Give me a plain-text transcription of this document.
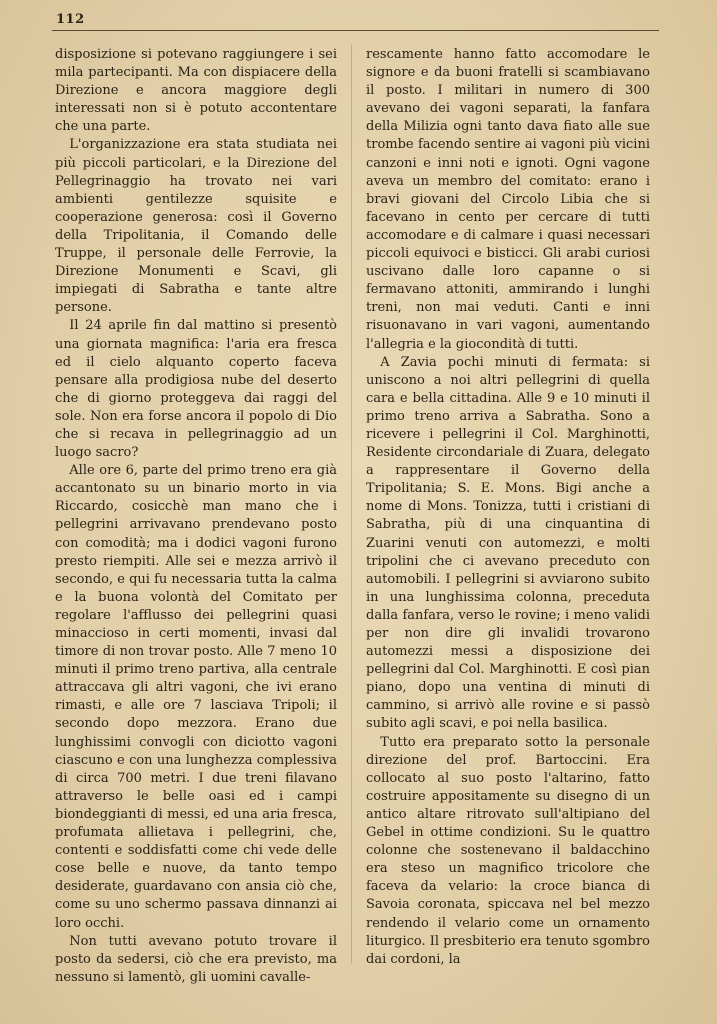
112

disposizione si potevano raggiungere i sei mila partecipanti. Ma con dispiacere della Direzione e ancora maggiore degli interessati non si è potuto accontentare che una parte.

L'organizzazione era stata studiata nei più piccoli particolari, e la Direzione del Pellegrinaggio ha trovato nei vari ambienti gentilezze squisite e cooperazione generosa: così il Governo della Tripolitania, il Comando delle Truppe, il personale delle Ferrovie, la Direzione Monumenti e Scavi, gli impiegati di Sabratha e tante altre persone.

Il 24 aprile fin dal mattino si presentò una giornata magnifica: l'aria era fresca ed il cielo alquanto coperto faceva pensare alla prodigiosa nube del deserto che di giorno proteggeva dai raggi del sole. Non era forse ancora il popolo di Dio che si recava in pellegrinaggio ad un luogo sacro?

Alle ore 6, parte del primo treno era già accantonato su un binario morto in via Riccardo, cosicchè man mano che i pellegrini arrivavano prendevano posto con comodità; ma i dodici vagoni furono presto riempiti. Alle sei e mezza arrivò il secondo, e qui fu necessaria tutta la calma e la buona volontà del Comitato per regolare l'afflusso dei pellegrini quasi minaccioso in certi momenti, invasi dal timore di non trovar posto. Alle 7 meno 10 minuti il primo treno partiva, alla centrale attraccava gli altri vagoni, che ivi erano rimasti, e alle ore 7 lasciava Tripoli; il secondo dopo mezzora. Erano due lunghissimi convogli con diciotto vagoni ciascuno e con una lunghezza complessiva di circa 700 metri. I due treni filavano attraverso le belle oasi ed i campi biondeggianti di messi, ed una aria fresca, profumata allietava i pellegrini, che, contenti e soddisfatti come chi vede delle cose belle e nuove, da tanto tempo desiderate, guardavano con ansia ciò che, come su uno schermo passava dinnanzi ai loro occhi.

Non tutti avevano potuto trovare il posto da sedersi, ciò che era previsto, ma nessuno si lamentò, gli uomini cavalle-

rescamente hanno fatto accomodare le signore e da buoni fratelli si scambiavano il posto. I militari in numero di 300 avevano dei vagoni separati, la fanfara della Milizia ogni tanto dava fiato alle sue trombe facendo sentire ai vagoni più vicini canzoni e inni noti e ignoti. Ogni vagone aveva un membro del comitato: erano i bravi giovani del Circolo Libia che si facevano in cento per cercare di tutti accomodare e di calmare i quasi necessari piccoli equivoci e bisticci. Gli arabi curiosi uscivano dalle loro capanne o si fermavano attoniti, ammirando i lunghi treni, non mai veduti. Canti e inni risuonavano in vari vagoni, aumentando l'allegria e la giocondità di tutti.

A Zavia pochi minuti di fermata: si uniscono a noi altri pellegrini di quella cara e bella cittadina. Alle 9 e 10 minuti il primo treno arriva a Sabratha. Sono a ricevere i pellegrini il Col. Marghinotti, Residente circondariale di Zuara, delegato a rappresentare il Governo della Tripolitania; S. E. Mons. Bigi anche a nome di Mons. Tonizza, tutti i cristiani di Sabratha, più di una cinquantina di Zuarini venuti con automezzi, e molti tripolini che ci avevano preceduto con automobili. I pellegrini si avviarono subito in una lunghissima colonna, preceduta dalla fanfara, verso le rovine; i meno validi per non dire gli invalidi trovarono automezzi messi a disposizione dei pellegrini dal Col. Marghinotti. E così pian piano, dopo una ventina di minuti di cammino, si arrivò alle rovine e si passò subito agli scavi, e poi nella basilica.

Tutto era preparato sotto la personale direzione del prof. Bartoccini. Era collocato al suo posto l'altarino, fatto costruire appositamente su disegno di un antico altare ritrovato sull'altipiano del Gebel in ottime condizioni. Su le quattro colonne che sostenevano il baldacchino era steso un magnifico tricolore che faceva da velario: la croce bianca di Savoia coronata, spiccava nel bel mezzo rendendo il velario come un ornamento liturgico. Il presbiterio era tenuto sgombro dai cordoni, la
